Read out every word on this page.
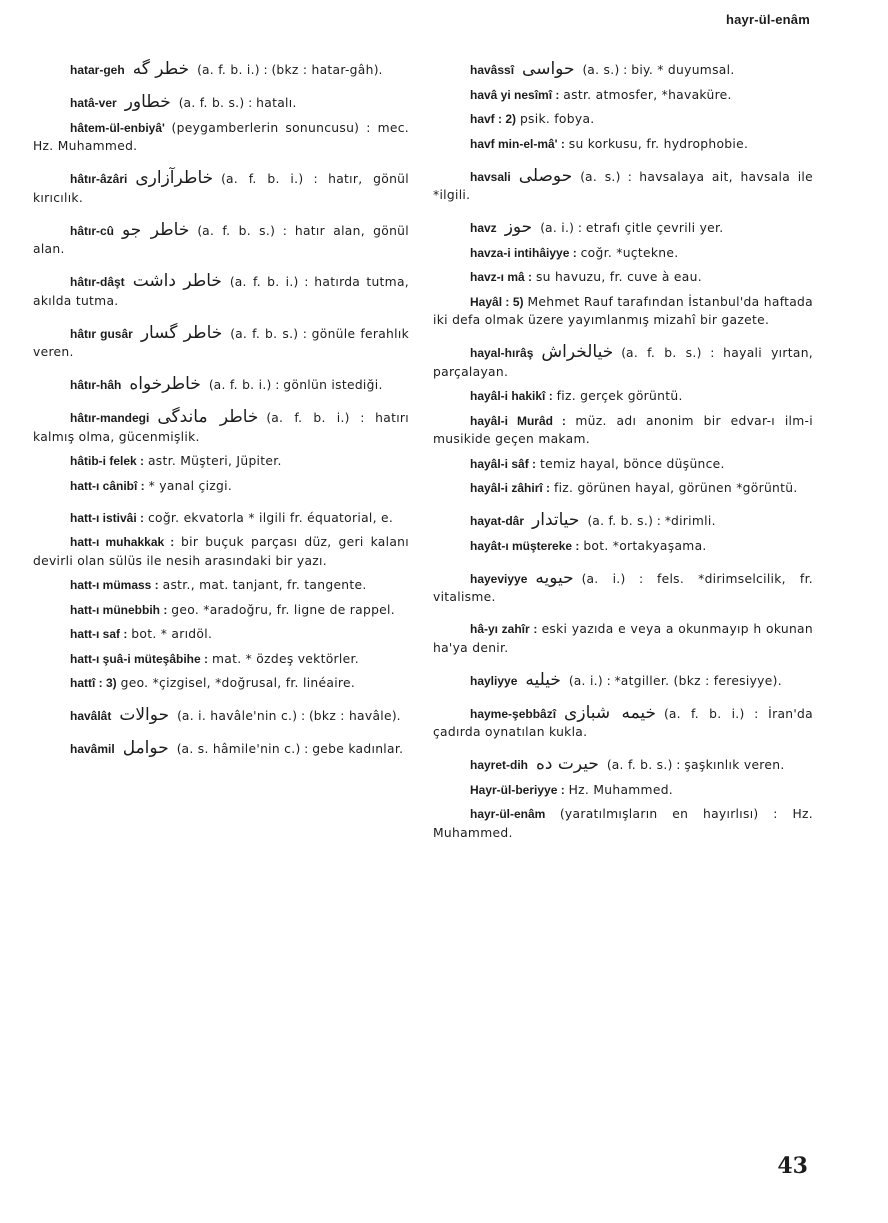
hayr-ül-enâm

hatar-geh خطر گه (a. f. b. i.) : (bkz : hatar-gâh).

hatâ-ver خطاور (a. f. b. s.) : hatalı.

hâtem-ül-enbiyâ' (peygamberlerin sonuncusu) : mec. Hz. Muhammed.

hâtır-âzâri خاطرآزارى (a. f. b. i.) : hatır, gönül kırıcılık.

hâtır-cû خاطر جو (a. f. b. s.) : hatır alan, gönül alan.

hâtır-dâşt خاطر داشت (a. f. b. i.) : hatırda tutma, akılda tutma.

hâtır gusâr خاطر گسار (a. f. b. s.) : gönüle ferahlık veren.

hâtır-hâh خاطرخواه (a. f. b. i.) : gönlün istediği.

hâtır-mandegi خاطر ماندگى (a. f. b. i.) : hatırı kalmış olma, gücenmişlik.

hâtib-i felek : astr. Müşteri, Jüpiter.

hatt-ı cânibî : * yanal çizgi.

hatt-ı istivâi : coğr. ekvatorla * ilgili fr. équatorial, e.

hatt-ı muhakkak : bir buçuk parçası düz, geri kalanı devirli olan sülüs ile nesih arasındaki bir yazı.

hatt-ı mümass : astr., mat. tanjant, fr. tangente.

hatt-ı münebbih : geo. *aradoğru, fr. ligne de rappel.

hatt-ı saf : bot. * arıdöl.

hatt-ı şuâ-i müteşâbihe : mat. * özdeş vektörler.

hattî : 3) geo. *çizgisel, *doğrusal, fr. linéaire.

havâlât حوالات (a. i. havâle'nin c.) : (bkz : havâle).

havâmil حوامل (a. s. hâmile'nin c.) : gebe kadınlar.

havâssî حواسى (a. s.) : biy. * duyumsal.

havâ yi nesîmî : astr. atmosfer, *havaküre.

havf : 2) psik. fobya.

havf min-el-mâ' : su korkusu, fr. hydrophobie.

havsali حوصلى (a. s.) : havsalaya ait, havsala ile *ilgili.

havz حوز (a. i.) : etrafı çitle çevrili yer.

havza-i intihâiyye : coğr. *uçtekne.

havz-ı mâ : su havuzu, fr. cuve à eau.

Hayâl : 5) Mehmet Rauf tarafından İstanbul'da haftada iki defa olmak üzere yayımlanmış mizahî bir gazete.

hayal-hırâş خيالخراش (a. f. b. s.) : hayali yırtan, parçalayan.

hayâl-i hakikî : fiz. gerçek görüntü.

hayâl-i Murâd : müz. adı anonim bir edvar-ı ilm-i musikide geçen makam.

hayâl-i sâf : temiz hayal, bönce düşünce.

hayâl-i zâhirî : fiz. görünen hayal, görünen *görüntü.

hayat-dâr حياتدار (a. f. b. s.) : *dirimli.

hayât-ı müştereke : bot. *ortakyaşama.

hayeviyye حيويه (a. i.) : fels. *dirimselcilik, fr. vitalisme.

hâ-yı zahîr : eski yazıda e veya a okunmayıp h okunan ha'ya denir.

hayliyye خيليه (a. i.) : *atgiller. (bkz : feresiyye).

hayme-şebbâzî خيمه شبازى (a. f. b. i.) : İran'da çadırda oynatılan kukla.

hayret-dih حيرت ده (a. f. b. s.) : şaşkınlık veren.

Hayr-ül-beriyye : Hz. Muhammed.

hayr-ül-enâm (yaratılmışların en hayırlısı) : Hz. Muhammed.

43
